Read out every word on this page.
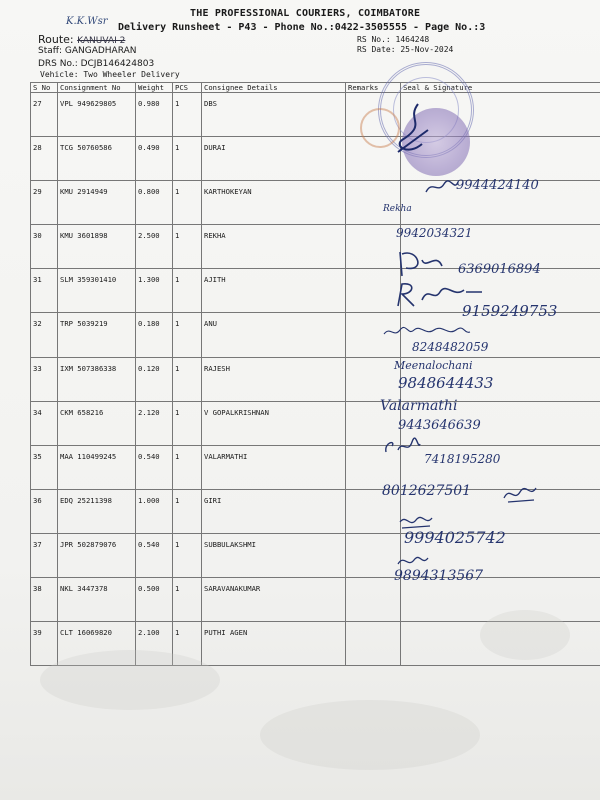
THE PROFESSIONAL COURIERS, COIMBATORE
K.K.Wsr
Delivery Runsheet - P43 - Phone No.:0422-3505555 - Page No.:3
Route: KANUVAI 2
Staff: GANGADHARAN
RS No.: 1464248
RS Date: 25-Nov-2024
DRS No.: DCJB146424803
Vehicle: Two Wheeler Delivery
S No	Consignment No	Weight	PCS	Consignee Details	Remarks	Seal & Signature
27	VPL 949629805	0.980	1	DBS		
28	TCG 50760586	0.490	1	DURAI		
29	KMU 2914949	0.800	1	KARTHOKEYAN		
30	KMU 3601898	2.500	1	REKHA		
31	SLM 359301410	1.300	1	AJITH		
32	TRP 5039219	0.180	1	ANU		
33	IXM 507386338	0.120	1	RAJESH		
34	CKM 658216	2.120	1	V GOPALKRISHNAN		
35	MAA 110499245	0.540	1	VALARMATHI		
36	EDQ 25211398	1.000	1	GIRI		
37	JPR 502879076	0.540	1	SUBBULAKSHMI		
38	NKL 3447378	0.500	1	SARAVANAKUMAR		
39	CLT 16069820	2.100	1	PUTHI AGEN		
9944424140
Rekha
9942034321
6369016894
9159249753
8248482059
Meenalochani
9848644433
Valarmathi
9443646639
7418195280
8012627501
9994025742
9894313567
